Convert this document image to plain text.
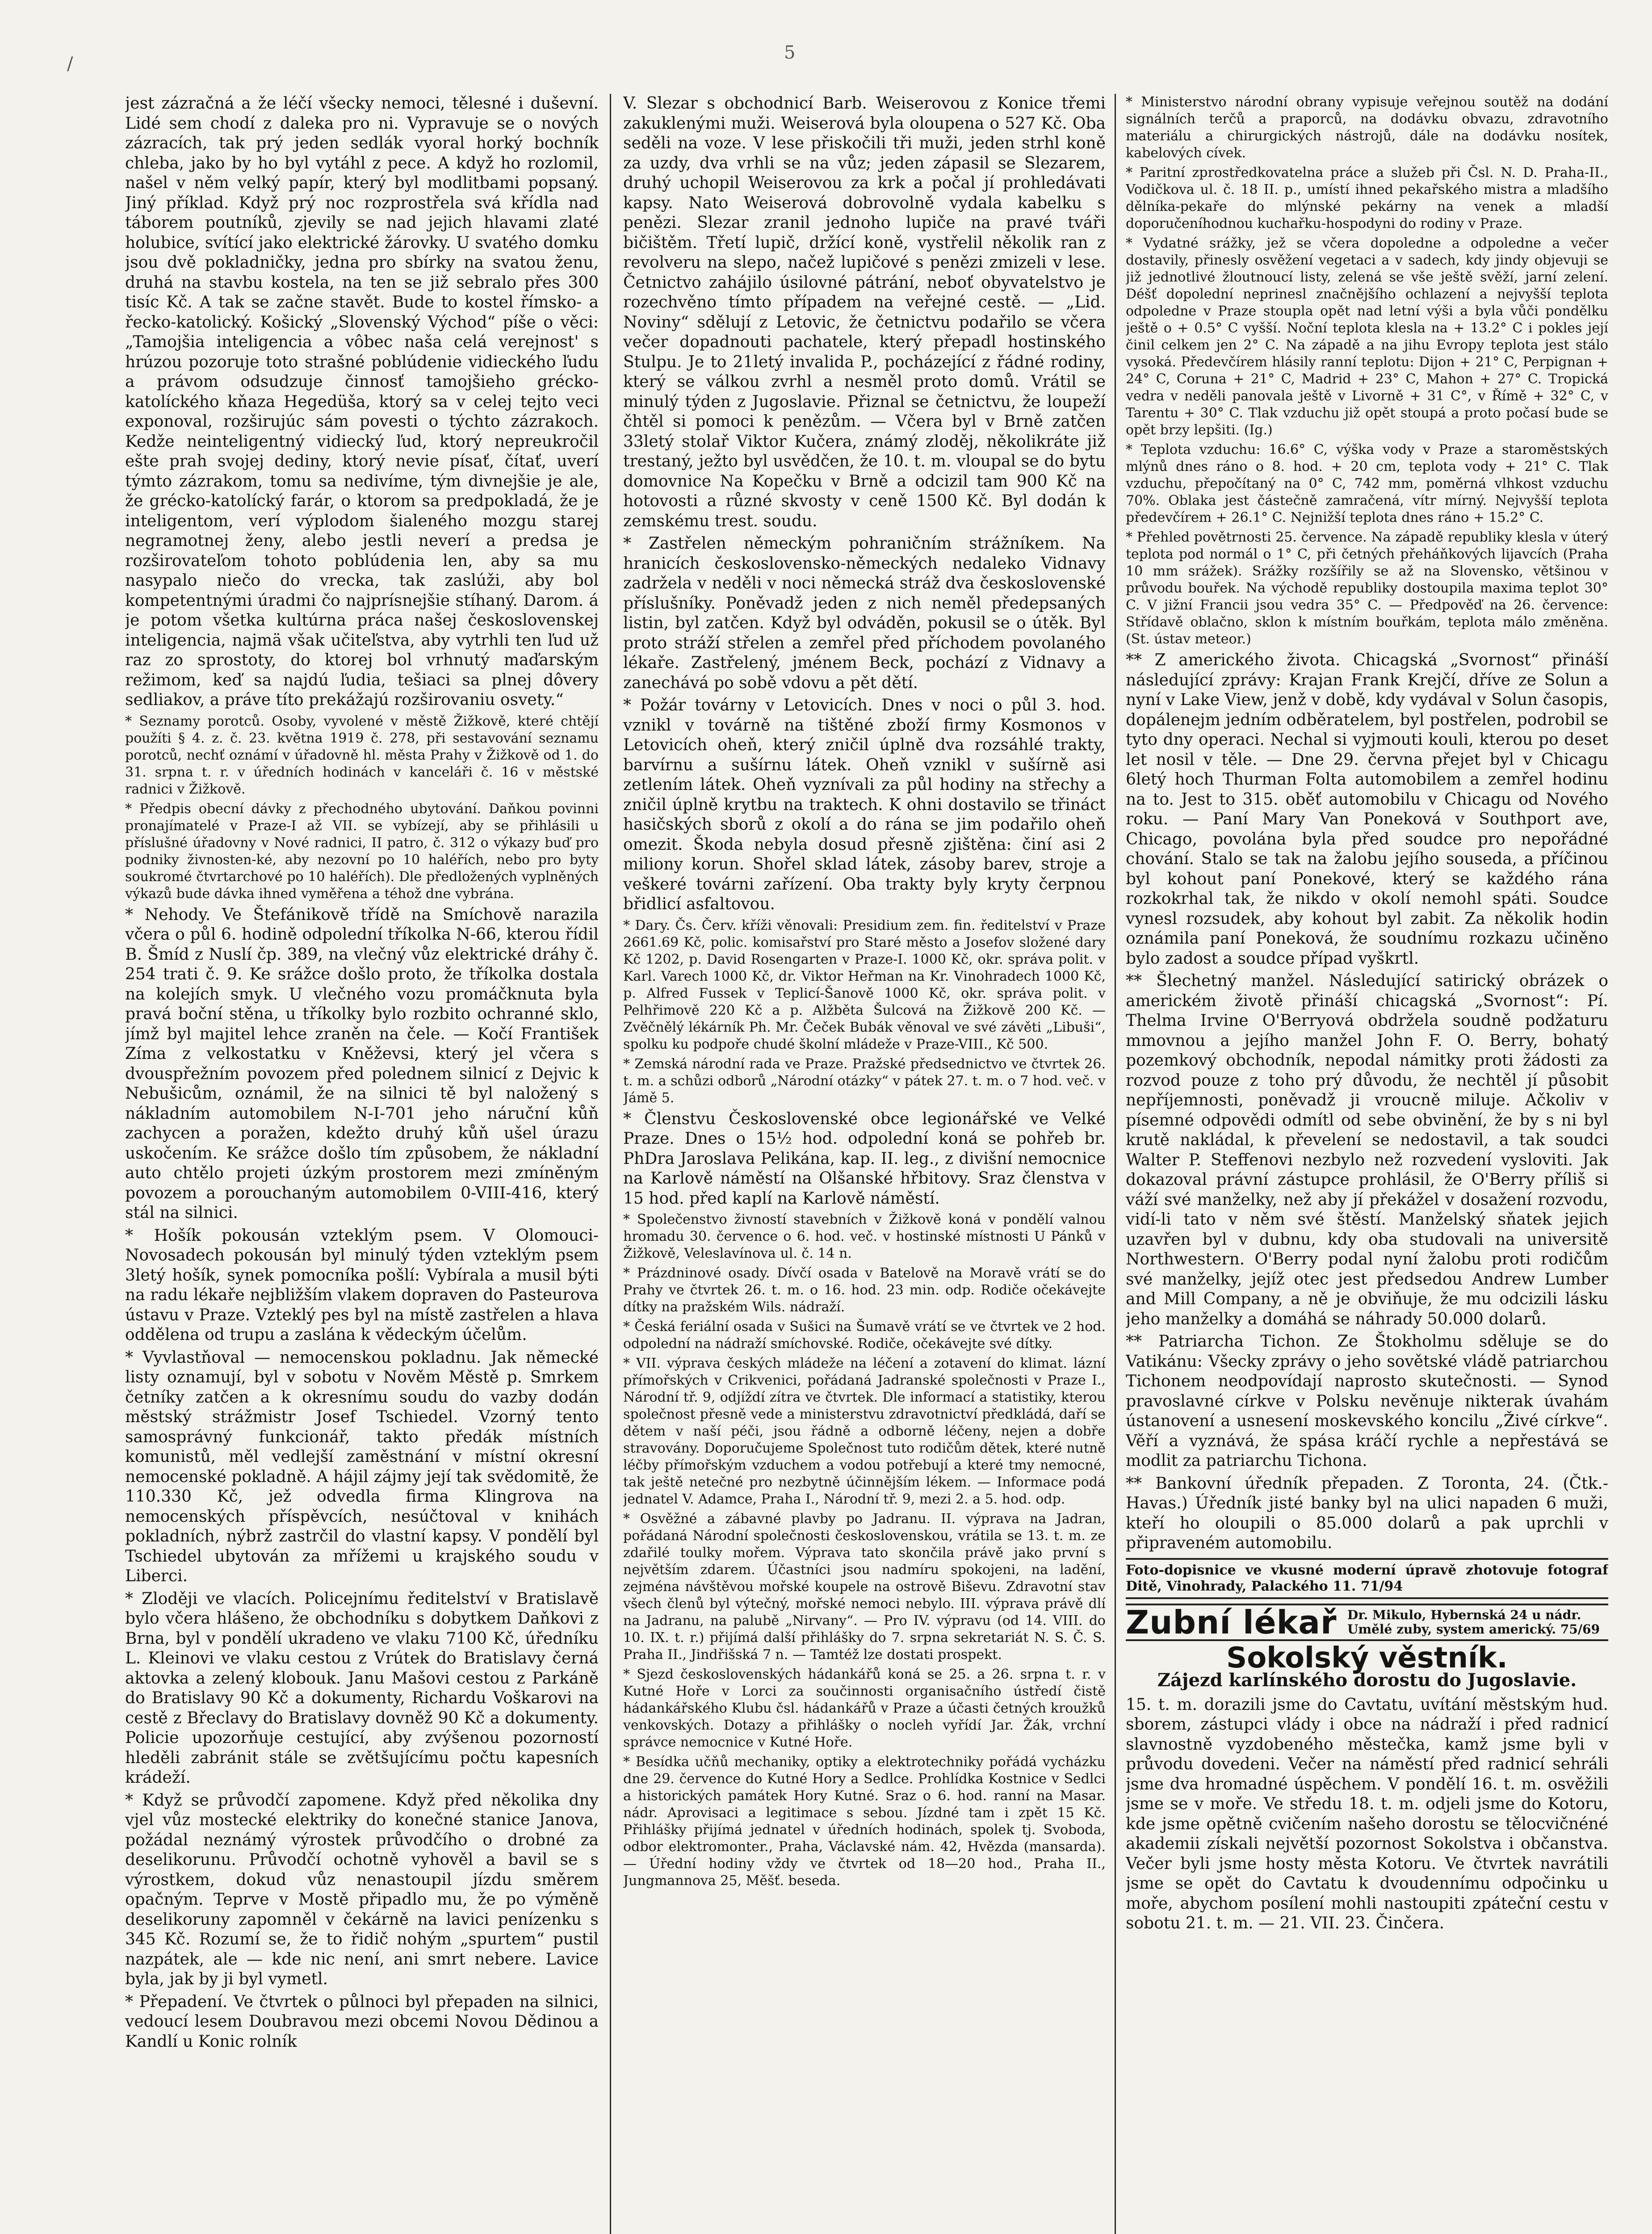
/
5

jest zázračná a že léčí všecky nemoci, tělesné i duševní. Lidé sem chodí z daleka pro ni. Vypravuje se o nových zázracích, tak prý jeden sedlák vyoral horký bochník chleba, jako by ho byl vytáhl z pece. A když ho rozlomil, našel v něm velký papír, který byl modlitbami popsaný. Jiný příklad. Když prý noc rozprostřela svá křídla nad táborem poutníků, zjevily se nad jejich hlavami zlaté holubice, svítící jako elektrické žárovky. U svatého domku jsou dvě pokladničky, jedna pro sbírky na svatou ženu, druhá na stavbu kostela, na ten se již sebralo přes 300 tisíc Kč. A tak se začne stavět. Bude to kostel římsko- a řecko-katolický. Košický „Slovenský Východ“ píše o věci: „Tamojšia inteligencia a vôbec naša celá verejnost' s hrúzou pozoruje toto strašné poblúdenie vidieckého ľudu a právom odsudzuje činnosť tamojšieho grécko-katolíckého kňaza Hegedüša, ktorý sa v celej tejto veci exponoval, rozširujúc sám povesti o týchto zázrakoch. Kedže neinteligentný vidiecký ľud, ktorý nepreukročil ešte prah svojej dediny, ktorý nevie písať, čítať, uverí týmto zázrakom, tomu sa nedivíme, tým divnejšie je ale, že grécko-katolícký farár, o ktorom sa predpokladá, že je inteligentom, verí výplodom šialeného mozgu starej negramotnej ženy, alebo jestli neverí a predsa je rozširovateľom tohoto poblúdenia len, aby sa mu nasypalo niečo do vrecka, tak zaslúži, aby bol kompetentnými úradmi čo najprísnejšie stíhaný. Darom. á je potom všetka kultúrna práca našej československej inteligencia, najmä však učiteľstva, aby vytrhli ten ľud už raz zo sprostoty, do ktorej bol vrhnutý maďarským režimom, keď sa najdú ľudia, tešiaci sa plnej dôvery sedliakov, a práve títo prekážajú rozširovaniu osvety.“

* Seznamy porotců. Osoby, vyvolené v městě Žižkově, které chtějí použíti § 4. z. č. 23. května 1919 č. 278, při sestavování seznamu porotců, nechť oznámí v úřadovně hl. města Prahy v Žižkově od 1. do 31. srpna t. r. v úředních hodinách v kanceláři č. 16 v městské radnici v Žižkově.

* Předpis obecní dávky z přechodného ubytování. Daňkou povinni pronajímatelé v Praze-I až VII. se vybízejí, aby se přihlásili u příslušné úřadovny v Nové radnici, II patro, č. 312 o výkazy buď pro podniky živnosten-ké, aby nezovní po 10 haléřích, nebo pro byty soukromé čtvrtarchové po 10 haléřích). Dle předložených vyplněných výkazů bude dávka ihned vyměřena a téhož dne vybrána.

* Nehody. Ve Štefánikově třídě na Smíchově narazila včera o půl 6. hodině odpolední tříkolka N-66, kterou řídil B. Šmíd z Nuslí čp. 389, na vlečný vůz elektrické dráhy č. 254 trati č. 9. Ke srážce došlo proto, že tříkolka dostala na kolejích smyk. U vlečného vozu promáčknuta byla pravá boční stěna, u tříkolky bylo rozbito ochranné sklo, jímž byl majitel lehce zraněn na čele. — Kočí František Zíma z velkostatku v Kněževsi, který jel včera s dvouspřežním povozem před polednem silnicí z Dejvic k Nebušicům, oznámil, že na silnici tě byl naložený s nákladním automobilem N-I-701 jeho náruční kůň zachycen a poražen, kdežto druhý kůň ušel úrazu uskočením. Ke srážce došlo tím způsobem, že nákladní auto chtělo projeti úzkým prostorem mezi zmíněným povozem a porouchaným automobilem 0-VIII-416, který stál na silnici.

* Hošík pokousán vzteklým psem. V Olomouci-Novosadech pokousán byl minulý týden vzteklým psem 3letý hošík, synek pomocníka pošlí: Vybírala a musil býti na radu lékaře nejbližším vlakem dopraven do Pasteurova ústavu v Praze. Vzteklý pes byl na místě zastřelen a hlava oddělena od trupu a zaslána k vědeckým účelům.

* Vyvlastňoval — nemocenskou pokladnu. Jak německé listy oznamují, byl v sobotu v Nověm Městě p. Smrkem četníky zatčen a k okresnímu soudu do vazby dodán městský strážmistr Josef Tschiedel. Vzorný tento samosprávný funkcionář, takto předák místních komunistů, měl vedlejší zaměstnání v místní okresní nemocenské pokladně. A hájil zájmy její tak svědomitě, že 110.330 Kč, jež odvedla firma Klingrova na nemocenských příspěvcích, nesúčtoval v knihách pokladních, nýbrž zastrčil do vlastní kapsy. V pondělí byl Tschiedel ubytován za mřížemi u krajského soudu v Liberci.

* Zloději ve vlacích. Policejnímu ředitelství v Bratislavě bylo včera hlášeno, že obchodníku s dobytkem Daňkovi z Brna, byl v pondělí ukradeno ve vlaku 7100 Kč, úředníku L. Kleinovi ve vlaku cestou z Vrútek do Bratislavy černá aktovka a zelený klobouk. Janu Mašovi cestou z Parkáně do Bratislavy 90 Kč a dokumenty, Richardu Voškarovi na cestě z Břeclavy do Bratislavy dovněž 90 Kč a dokumenty. Policie upozorňuje cestující, aby zvýšenou pozorností hleděli zabránit stále se zvětšujícímu počtu kapesních krádeží.

* Když se průvodčí zapomene. Když před několika dny vjel vůz mostecké elektriky do konečné stanice Janova, požádal neznámý výrostek průvodčího o drobné za deselikorunu. Průvodčí ochotně vyhověl a bavil se s výrostkem, dokud vůz nenastoupil jízdu směrem opačným. Teprve v Mostě připadlo mu, že po výměně deselikoruny zapomněl v čekárně na lavici penízenku s 345 Kč. Rozumí se, že to řidič nohým „spurtem“ pustil nazpátek, ale — kde nic není, ani smrt nebere. Lavice byla, jak by ji byl vymetl.

* Přepadení. Ve čtvrtek o půlnoci byl přepaden na silnici, vedoucí lesem Doubravou mezi obcemi Novou Dědinou a Kandlí u Konic rolník

V. Slezar s obchodnicí Barb. Weiserovou z Konice třemi zakuklenými muži. Weiserová byla oloupena o 527 Kč. Oba seděli na voze. V lese přiskočili tři muži, jeden strhl koně za uzdy, dva vrhli se na vůz; jeden zápasil se Slezarem, druhý uchopil Weiserovou za krk a počal jí prohledávati kapsy. Nato Weiserová dobrovolně vydala kabelku s penězi. Slezar zranil jednoho lupiče na pravé tváři bičištěm. Třetí lupič, držící koně, vystřelil několik ran z revolveru na slepo, načež lupičové s penězi zmizeli v lese. Četnictvo zahájilo úsilovné pátrání, neboť obyvatelstvo je rozechvěno tímto případem na veřejné cestě. — „Lid. Noviny“ sdělují z Letovic, že četnictvu podařilo se včera večer dopadnouti pachatele, který přepadl hostinského Stulpu. Je to 21letý invalida P., pocházející z řádné rodiny, který se válkou zvrhl a nesměl proto domů. Vrátil se minulý týden z Jugoslavie. Přiznal se četnictvu, že loupeží čhtěl si pomoci k penězům. — Včera byl v Brně zatčen 33letý stolař Viktor Kučera, známý zloděj, několikráte již trestaný, ježto byl usvědčen, že 10. t. m. vloupal se do bytu domovnice Na Kopečku v Brně a odcizil tam 900 Kč na hotovosti a různé skvosty v ceně 1500 Kč. Byl dodán k zemskému trest. soudu.

* Zastřelen německým pohraničním strážníkem. Na hranicích československo-německých nedaleko Vidnavy zadržela v neděli v noci německá stráž dva československé příslušníky. Poněvadž jeden z nich neměl předepsaných listin, byl zatčen. Když byl odváděn, pokusil se o útěk. Byl proto stráží střelen a zemřel před příchodem povolaného lékaře. Zastřelený, jménem Beck, pochází z Vidnavy a zanechává po sobě vdovu a pět dětí.

* Požár továrny v Letovicích. Dnes v noci o půl 3. hod. vznikl v továrně na tištěné zboží firmy Kosmonos v Letovicích oheň, který zničil úplně dva rozsáhlé trakty, barvírnu a sušírnu látek. Oheň vznikl v sušírně asi zetlením látek. Oheň vyznívali za půl hodiny na střechy a zničil úplně krytbu na traktech. K ohni dostavilo se třináct hasičských sborů z okolí a do rána se jim podařilo oheň omezit. Škoda nebyla dosud přesně zjištěna: činí asi 2 miliony korun. Shořel sklad látek, zásoby barev, stroje a veškeré továrni zařízení. Oba trakty byly kryty čerpnou břidlicí asfaltovou.

* Dary. Čs. Červ. kříži věnovali: Presidium zem. fin. ředitelství v Praze 2661.69 Kč, polic. komisařství pro Staré město a Josefov složené dary Kč 1202, p. David Rosengarten v Praze-I. 1000 Kč, okr. správa polit. v Karl. Varech 1000 Kč, dr. Viktor Heřman na Kr. Vinohradech 1000 Kč, p. Alfred Fussek v Teplicí-Šanově 1000 Kč, okr. správa polit. v Pelhřimově 220 Kč a p. Alžběta Šulcová na Žižkově 200 Kč. — Zvěčnělý lékárník Ph. Mr. Čeček Bubák věnoval ve své závěti „Libuši“, spolku ku podpoře chudé školní mládeže v Praze-VIII., Kč 500.

* Zemská národní rada ve Praze. Pražské předsednictvo ve čtvrtek 26. t. m. a schůzi odborů „Národní otázky“ v pátek 27. t. m. o 7 hod. več. v Jámě 5.

* Členstvu Československé obce legionářské ve Velké Praze. Dnes o 15½ hod. odpolední koná se pohřeb br. PhDra Jaroslava Pelikána, kap. II. leg., z divišní nemocnice na Karlově náměstí na Olšanské hřbitovy. Sraz členstva v 15 hod. před kaplí na Karlově náměstí.

* Společenstvo živností stavebních v Žižkově koná v pondělí valnou hromadu 30. července o 6. hod. več. v hostinské místnosti U Pánků v Žižkově, Veleslavínova ul. č. 14 n.

* Prázdninové osady. Dívčí osada v Batelově na Moravě vrátí se do Prahy ve čtvrtek 26. t. m. o 16. hod. 23 min. odp. Rodiče očekávejte dítky na pražském Wils. nádraží.

* Česká feriální osada v Sušici na Šumavě vrátí se ve čtvrtek ve 2 hod. odpolední na nádraží smíchovské. Rodiče, očekávejte své dítky.

* VII. výprava českých mládeže na léčení a zotavení do klimat. lázní přímořských v Crikvenici, pořádaná Jadranské společnosti v Praze I., Národní tř. 9, odjíždí zítra ve čtvrtek. Dle informací a statistiky, kterou společnost přesně vede a ministerstvu zdravotnictví předkládá, daří se dětem v naší péči, jsou řádně a odborně léčeny, nejen a dobře stravovány. Doporučujeme Společnost tuto rodičům dětek, které nutně léčby přímořským vzduchem a vodou potřebují a které tmy nemocné, tak ještě netečné pro nezbytně účinnějším lékem. — Informace podá jednatel V. Adamce, Praha I., Národní tř. 9, mezi 2. a 5. hod. odp.

* Osvěžné a zábavné plavby po Jadranu. II. výprava na Jadran, pořádaná Národní společnosti československou, vrátila se 13. t. m. ze zdařilé toulky mořem. Výprava tato skončila právě jako první s největším zdarem. Účastníci jsou nadmíru spokojeni, na ladění, zejména návštěvou mořské koupele na ostrově Biševu. Zdravotní stav všech členů byl výtečný, mořské nemoci nebylo. III. výprava právě dlí na Jadranu, na palubě „Nirvany“. — Pro IV. výpravu (od 14. VIII. do 10. IX. t. r.) přijímá další přihlášky do 7. srpna sekretariát N. S. Č. S. Praha II., Jindřišská 7 n. — Tamtéž lze dostati prospekt.

* Sjezd československých hádankářů koná se 25. a 26. srpna t. r. v Kutné Hoře v Lorci za součinnosti organisačního ústředí čistě hádankářského Klubu čsl. hádankářů v Praze a účasti četných kroužků venkovských. Dotazy a přihlášky o nocleh vyřídí Jar. Žák, vrchní správce nemocnice v Kutné Hoře.

* Besídka učňů mechaniky, optiky a elektrotechniky pořádá vycházku dne 29. července do Kutné Hory a Sedlce. Prohlídka Kostnice v Sedlci a historických památek Hory Kutné. Sraz o 6. hod. ranní na Masar. nádr. Aprovisaci a legitimace s sebou. Jízdné tam i zpět 15 Kč. Přihlášky přijímá jednatel v úředních hodinách, spolek tj. Svoboda, odbor elektromonter., Praha, Václavské nám. 42, Hvězda (mansarda). — Úřední hodiny vždy ve čtvrtek od 18—20 hod., Praha II., Jungmannova 25, Měšť. beseda.

* Ministerstvo národní obrany vypisuje veřejnou soutěž na dodání signálních terčů a praporců, na dodávku obvazu, zdravotního materiálu a chirurgických nástrojů, dále na dodávku nosítek, kabelových cívek.

* Paritní zprostředkovatelna práce a služeb při Čsl. N. D. Praha-II., Vodičkova ul. č. 18 II. p., umístí ihned pekařského mistra a mladšího dělníka-pekaře do mlýnské pekárny na venek a mladší doporučeníhodnou kuchařku-hospodyni do rodiny v Praze.

* Vydatné srážky, jež se včera dopoledne a odpoledne a večer dostavily, přinesly osvěžení vegetaci a v sadech, kdy jindy objevuji se již jednotlivé žloutnoucí listy, zelená se vše ještě svěží, jarní zelení. Déšť dopolední neprinesl značnějšího ochlazení a nejvyšší teplota odpoledne v Praze stoupla opět nad letní výši a byla vůči pondělku ještě o + 0.5° C vyšší. Noční teplota klesla na + 13.2° C i pokles její činil celkem jen 2° C. Na západě a na jihu Evropy teplota jest stálo vysoká. Předevčírem hlásily ranní teplotu: Dijon + 21° C, Perpignan + 24° C, Coruna + 21° C, Madrid + 23° C, Mahon + 27° C. Tropická vedra v neděli panovala ještě v Livorně + 31 C°, v Římě + 32° C, v Tarentu + 30° C. Tlak vzduchu již opět stoupá a proto počasí bude se opět brzy lepšiti. (Ig.)

* Teplota vzduchu: 16.6° C, výška vody v Praze a staroměstských mlýnů dnes ráno o 8. hod. + 20 cm, teplota vody + 21° C. Tlak vzduchu, přepočítaný na 0° C, 742 mm, poměrná vlhkost vzduchu 70%. Oblaka jest částečně zamračená, vítr mírný. Nejvyšší teplota předevčírem + 26.1° C. Nejnižší teplota dnes ráno + 15.2° C.

* Přehled povětrnosti 25. července. Na západě republiky klesla v úterý teplota pod normál o 1° C, při četných přeháňkových lijavcích (Praha 10 mm srážek). Srážky rozšířily se až na Slovensko, většinou v průvodu bouřek. Na východě republiky dostoupila maxima teplot 30° C. V jižní Francii jsou vedra 35° C. — Předpověď na 26. července: Střídavě oblačno, sklon k místním bouřkám, teplota málo změněna. (St. ústav meteor.)

** Z amerického života. Chicagská „Svornost“ přináší následující zprávy: Krajan Frank Krejčí, dříve ze Solun a nyní v Lake View, jenž v době, kdy vydával v Solun časopis, dopálenejm jedním odběratelem, byl postřelen, podrobil se tyto dny operaci. Nechal si vyjmouti kouli, kterou po deset let nosil v těle. — Dne 29. června přejet byl v Chicagu 6letý hoch Thurman Folta automobilem a zemřel hodinu na to. Jest to 315. oběť automobilu v Chicagu od Nového roku. — Paní Mary Van Poneková v Southport ave, Chicago, povolána byla před soudce pro nepořádné chování. Stalo se tak na žalobu jejího souseda, a příčinou byl kohout paní Ponekové, který se každého rána rozkokrhal tak, že nikdo v okolí nemohl spáti. Soudce vynesl rozsudek, aby kohout byl zabit. Za několik hodin oznámila paní Poneková, že soudnímu rozkazu učiněno bylo zadost a soudce případ vyškrtl.

** Šlechetný manžel. Následující satirický obrázek o americkém životě přináší chicagská „Svornost“: Pí. Thelma Irvine O'Berryová obdržela soudně podžaturu mmovnou a jejího manžel John F. O. Berry, bohatý pozemkový obchodník, nepodal námitky proti žádosti za rozvod pouze z toho prý důvodu, že nechtěl jí působit nepříjemnosti, poněvadž ji vroucně miluje. Ačkoliv v písemné odpovědi odmítl od sebe obvinění, že by s ni byl krutě nakládal, k převelení se nedostavil, a tak soudci Walter P. Steffenovi nezbylo než rozvedení vysloviti. Jak dokazoval právní zástupce prohlásil, že O'Berry příliš si váží své manželky, než aby jí překážel v dosažení rozvodu, vidí-li tato v něm své štěstí. Manželský sňatek jejich uzavřen byl v dubnu, kdy oba studovali na universitě Northwestern. O'Berry podal nyní žalobu proti rodičům své manželky, jejíž otec jest předsedou Andrew Lumber and Mill Company, a ně je obviňuje, že mu odcizili lásku jeho manželky a domáhá se náhrady 50.000 dolarů.

** Patriarcha Tichon. Ze Štokholmu sděluje se do Vatikánu: Všecky zprávy o jeho sovětské vládě patriarchou Tichonem neodpovídají naprosto skutečnosti. — Synod pravoslavné církve v Polsku nevěnuje nikterak úvahám ústanovení a usnesení moskevského koncilu „Živé církve“. Věří a vyznává, že spása kráčí rychle a nepřestává se modlit za patriarchu Tichona.

** Bankovní úředník přepaden. Z Toronta, 24. (Čtk.-Havas.) Úředník jisté banky byl na ulici napaden 6 muži, kteří ho oloupili o 85.000 dolarů a pak uprchli v připraveném automobilu.

Foto-dopisnice ve vkusné moderní úpravě zhotovuje fotograf Ditě, Vinohrady, Palackého 11. 71/94
Zubní lékař Dr. Mikulo, Hybernská 24 u nádr.
Umělé zuby, system americký. 75/69
Sokolský věstník.
Zájezd karlínského dorostu do Jugoslavie.

15. t. m. dorazili jsme do Cavtatu, uvítání městským hud. sborem, zástupci vlády i obce na nádraží i před radnicí slavnostně vyzdobeného městečka, kamž jsme byli v průvodu dovedeni. Večer na náměstí před radnicí sehráli jsme dva hromadné úspěchem. V pondělí 16. t. m. osvěžili jsme se v moře. Ve středu 18. t. m. odjeli jsme do Kotoru, kde jsme opětně cvičením našeho dorostu se tělocvičnéné akademii získali největší pozornost Sokolstva i občanstva. Večer byli jsme hosty města Kotoru. Ve čtvrtek navrátili jsme se opět do Cavtatu k dvoudennímu odpočinku u moře, abychom posílení mohli nastoupiti zpáteční cestu v sobotu 21. t. m. — 21. VII. 23. Činčera.
